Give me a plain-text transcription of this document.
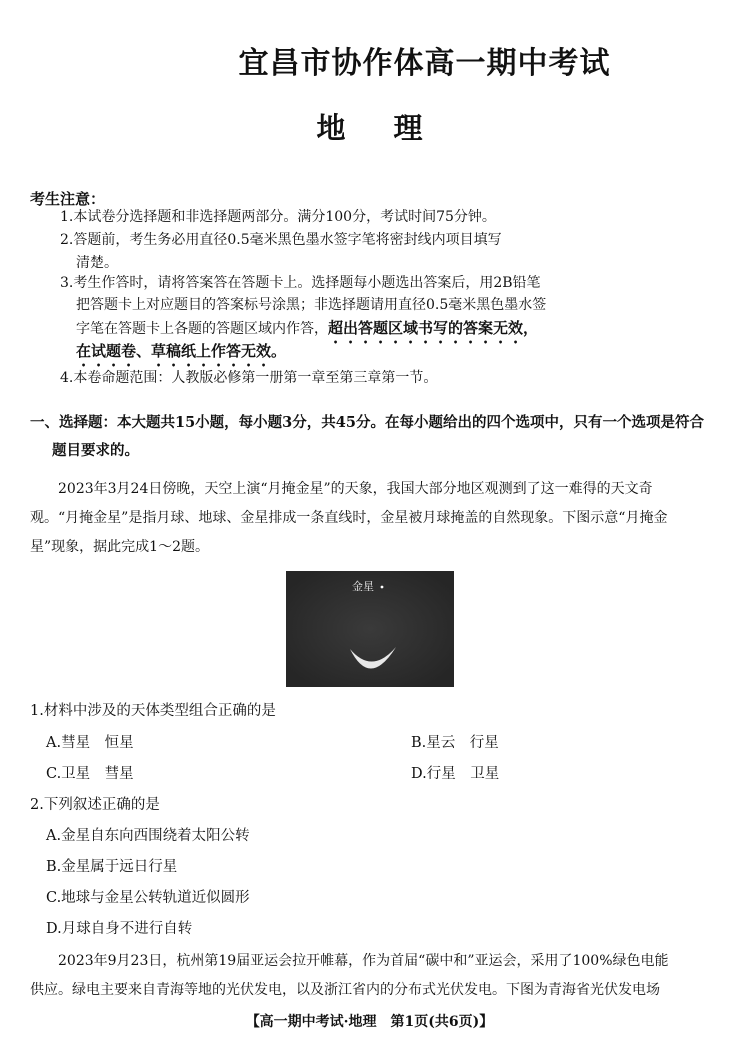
宜昌市协作体高一期中考试
地理
考生注意：
1.本试卷分选择题和非选择题两部分。满分100分，考试时间75分钟。
2.答题前，考生务必用直径0.5毫米黑色墨水签字笔将密封线内项目填写
清楚。
3.考生作答时，请将答案答在答题卡上。选择题每小题选出答案后，用2B铅笔
把答题卡上对应题目的答案标号涂黑；非选择题请用直径0.5毫米黑色墨水签
字笔在答题卡上各题的答题区域内作答，超出答题区域书写的答案无效，
在试题卷、草稿纸上作答无效。
4.本卷命题范围：人教版必修第一册第一章至第三章第一节。
一、选择题：本大题共15小题，每小题3分，共45分。在每小题给出的四个选项中，只有一个选项是符合
题目要求的。
2023年3月24日傍晚，天空上演“月掩金星”的天象，我国大部分地区观测到了这一难得的天文奇
观。“月掩金星”是指月球、地球、金星排成一条直线时，金星被月球掩盖的自然现象。下图示意“月掩金
星”现象，据此完成1～2题。
金星
1.材料中涉及的天体类型组合正确的是
A.彗星　恒星	B.星云　行星
C.卫星　彗星	D.行星　卫星
2.下列叙述正确的是
A.金星自东向西围绕着太阳公转
B.金星属于远日行星
C.地球与金星公转轨道近似圆形
D.月球自身不进行自转
2023年9月23日，杭州第19届亚运会拉开帷幕，作为首届“碳中和”亚运会，采用了100%绿色电能
供应。绿电主要来自青海等地的光伏发电，以及浙江省内的分布式光伏发电。下图为青海省光伏发电场
【高一期中考试·地理　第1页(共6页)】
